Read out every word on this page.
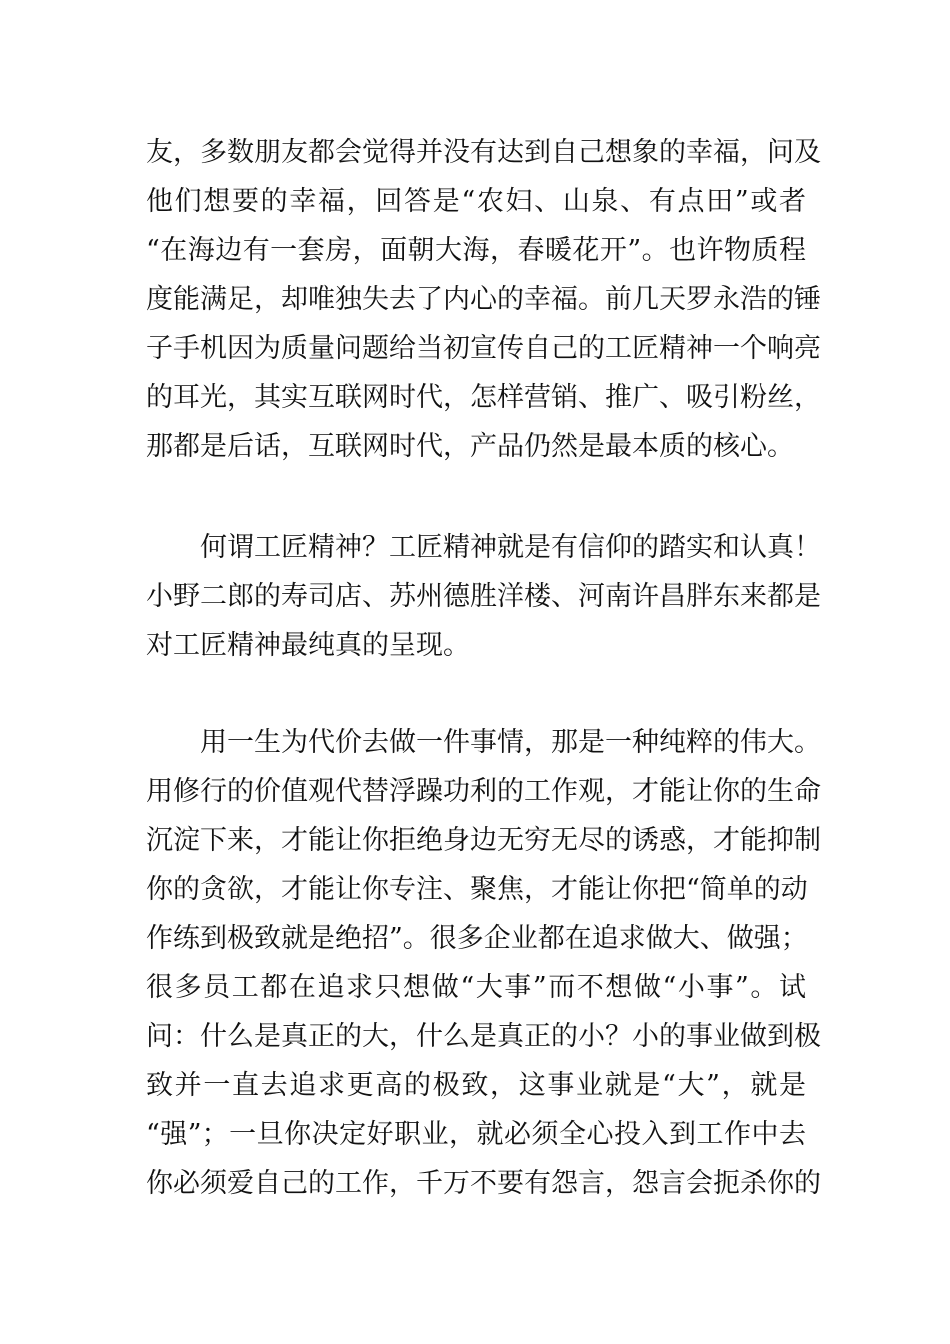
友，多数朋友都会觉得并没有达到自己想象的幸福，问及
他们想要的幸福，回答是“农妇、山泉、有点田”或者
“在海边有一套房，面朝大海，春暖花开”。也许物质程
度能满足，却唯独失去了内心的幸福。前几天罗永浩的锤
子手机因为质量问题给当初宣传自己的工匠精神一个响亮
的耳光，其实互联网时代，怎样营销、推广、吸引粉丝，
那都是后话，互联网时代，产品仍然是最本质的核心。
何谓工匠精神？工匠精神就是有信仰的踏实和认真！
小野二郎的寿司店、苏州德胜洋楼、河南许昌胖东来都是
对工匠精神最纯真的呈现。
用一生为代价去做一件事情，那是一种纯粹的伟大。
用修行的价值观代替浮躁功利的工作观，才能让你的生命
沉淀下来，才能让你拒绝身边无穷无尽的诱惑，才能抑制
你的贪欲，才能让你专注、聚焦，才能让你把“简单的动
作练到极致就是绝招”。很多企业都在追求做大、做强；
很多员工都在追求只想做“大事”而不想做“小事”。试
问：什么是真正的大，什么是真正的小？小的事业做到极
致并一直去追求更高的极致，这事业就是“大”，就是
“强”；一旦你决定好职业，就必须全心投入到工作中去
你必须爱自己的工作，千万不要有怨言，怨言会扼杀你的
